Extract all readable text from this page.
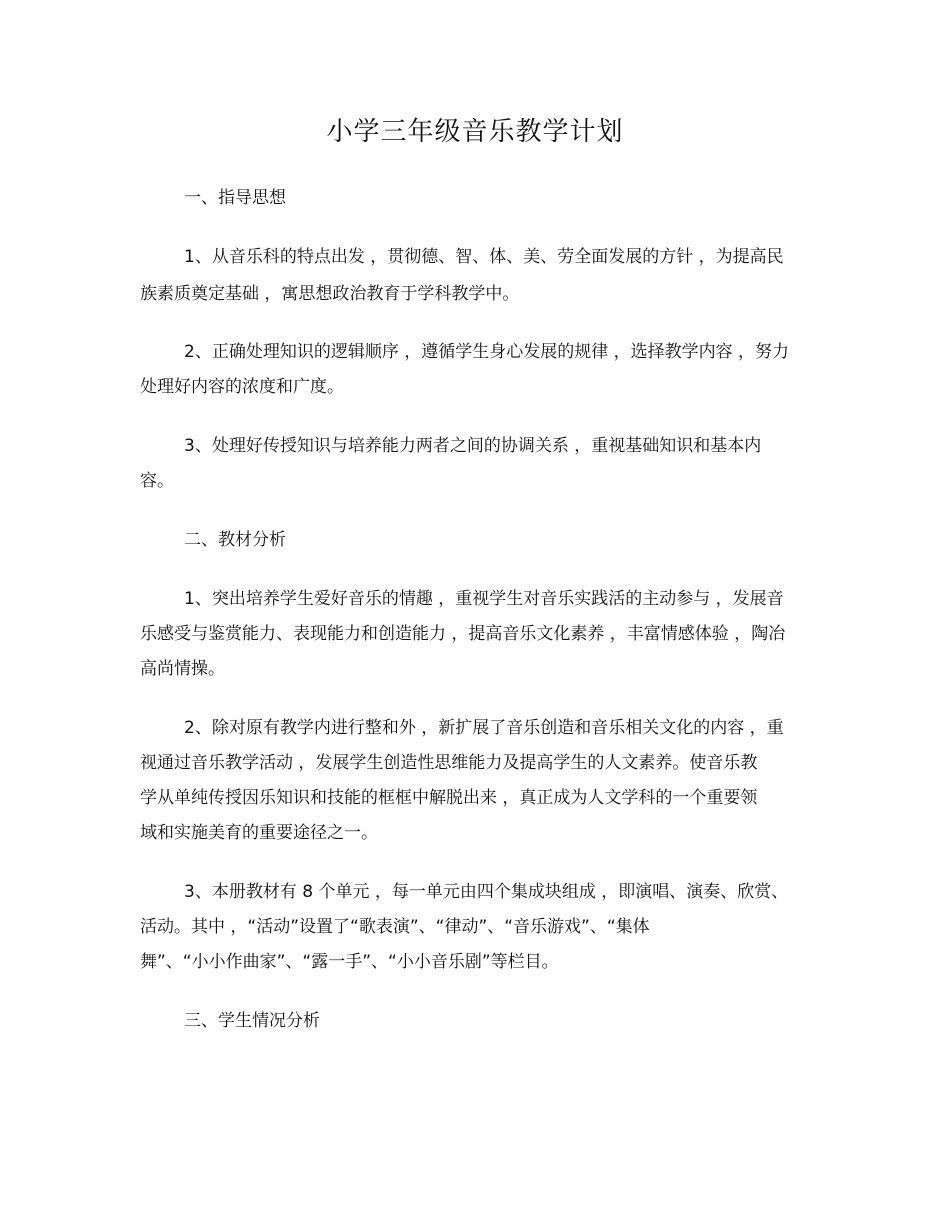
小学三年级音乐教学计划
一、指导思想
1、从音乐科的特点出发 ，贯彻德、智、体、美、劳全面发展的方针 ，为提高民
族素质奠定基础 ，寓思想政治教育于学科教学中。
2、正确处理知识的逻辑顺序 ，遵循学生身心发展的规律 ，选择教学内容 ，努力
处理好内容的浓度和广度。
3、处理好传授知识与培养能力两者之间的协调关系 ，重视基础知识和基本内
容。
二、教材分析
1、突出培养学生爱好音乐的情趣 ，重视学生对音乐实践活的主动参与 ，发展音
乐感受与鉴赏能力、表现能力和创造能力 ，提高音乐文化素养 ，丰富情感体验 ，陶冶
高尚情操。
2、除对原有教学内进行整和外 ，新扩展了音乐创造和音乐相关文化的内容 ，重
视通过音乐教学活动 ，发展学生创造性思维能力及提高学生的人文素养。使音乐教
学从单纯传授因乐知识和技能的框框中解脱出来 ，真正成为人文学科的一个重要领
域和实施美育的重要途径之一。
3、本册教材有 8 个单元 ，每一单元由四个集成块组成 ，即演唱、演奏、欣赏、
活动。其中 ，“活动”设置了“歌表演”、“律动”、“音乐游戏”、“集体
舞”、“小小作曲家”、“露一手”、“小小音乐剧”等栏目。
三、学生情况分析
